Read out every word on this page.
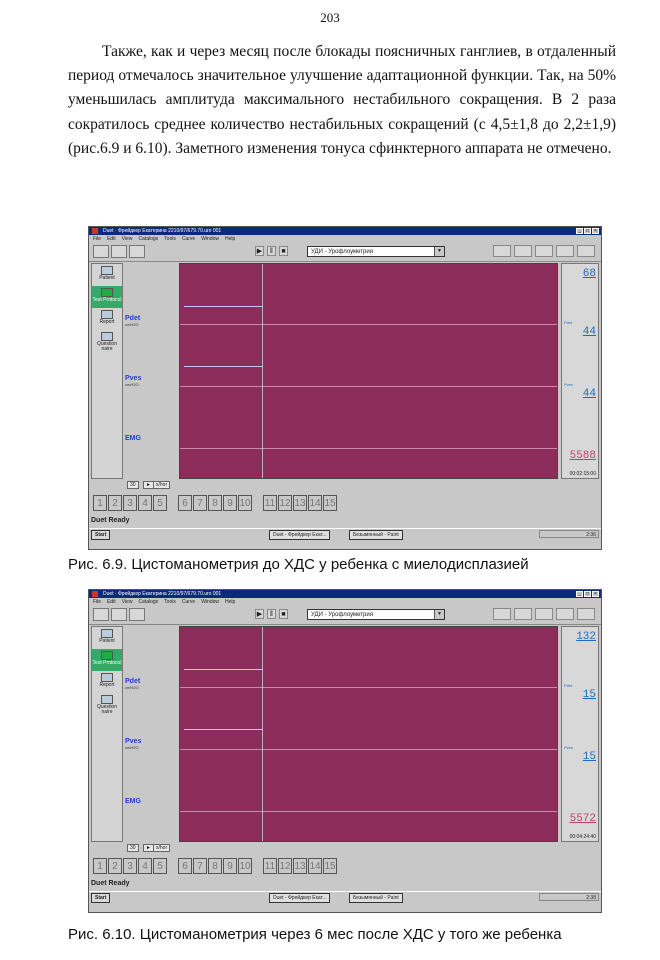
203
Также, как и через месяц после блокады поясничных ганглиев, в отдаленный период отмечалось значительное улучшение адаптационной функции. Так, на 50% уменьшилась амплитуда максимального нестабильного сокращения. В 2 раза сократилось среднее количество нестабильных сокращений (с 4,5±1,8 до 2,2±1,9) (рис.6.9 и 6.10). Заметного изменения тонуса сфинктерного аппарата не отмечено.
Duet · Фрейдкер Екатерина 2210/97/679.70.uro 001	_	□	×
File Edit View Catalogs Tools Curve Window Help
▶	‖	■	УДИ - Урофлоуметрия	▼
Patient
Test Protocol
Report
Question naire
Pdet
cmH2O
Pves
cmH2O
EMG
68
Pdet
44
Pves
44
5588
00:02:15:00
30	►	s/hor
1 2 3 4 5	6 7 8 9 10 11 12 13 14 15
Duet Ready
Start	Duet - Фрейдкер Екат...	Безымянный - Paint	2:36
Рис. 6.9. Цистоманометрия до ХДС у ребенка с миелодисплазией
Duet · Фрейдкер Екатерина 2210/97/679.70.uro 001	_	□	×
File Edit View Catalogs Tools Curve Window Help
▶	‖	■	УДИ - Урофлоуметрия	▼
Patient
Test Protocol
Report
Question naire
Pdet
cmH2O
Pves
cmH2O
EMG
132
Pdet
15
Pves
15
5572
00:04:24:40
30	►	s/hor
1 2 3 4 5	6 7 8 9 10 11 12 13 14 15
Duet Ready
Start	Duet - Фрейдкер Екат...	Безымянный - Paint	2:38
Рис. 6.10. Цистоманометрия через 6 мес после ХДС у того же ребенка
